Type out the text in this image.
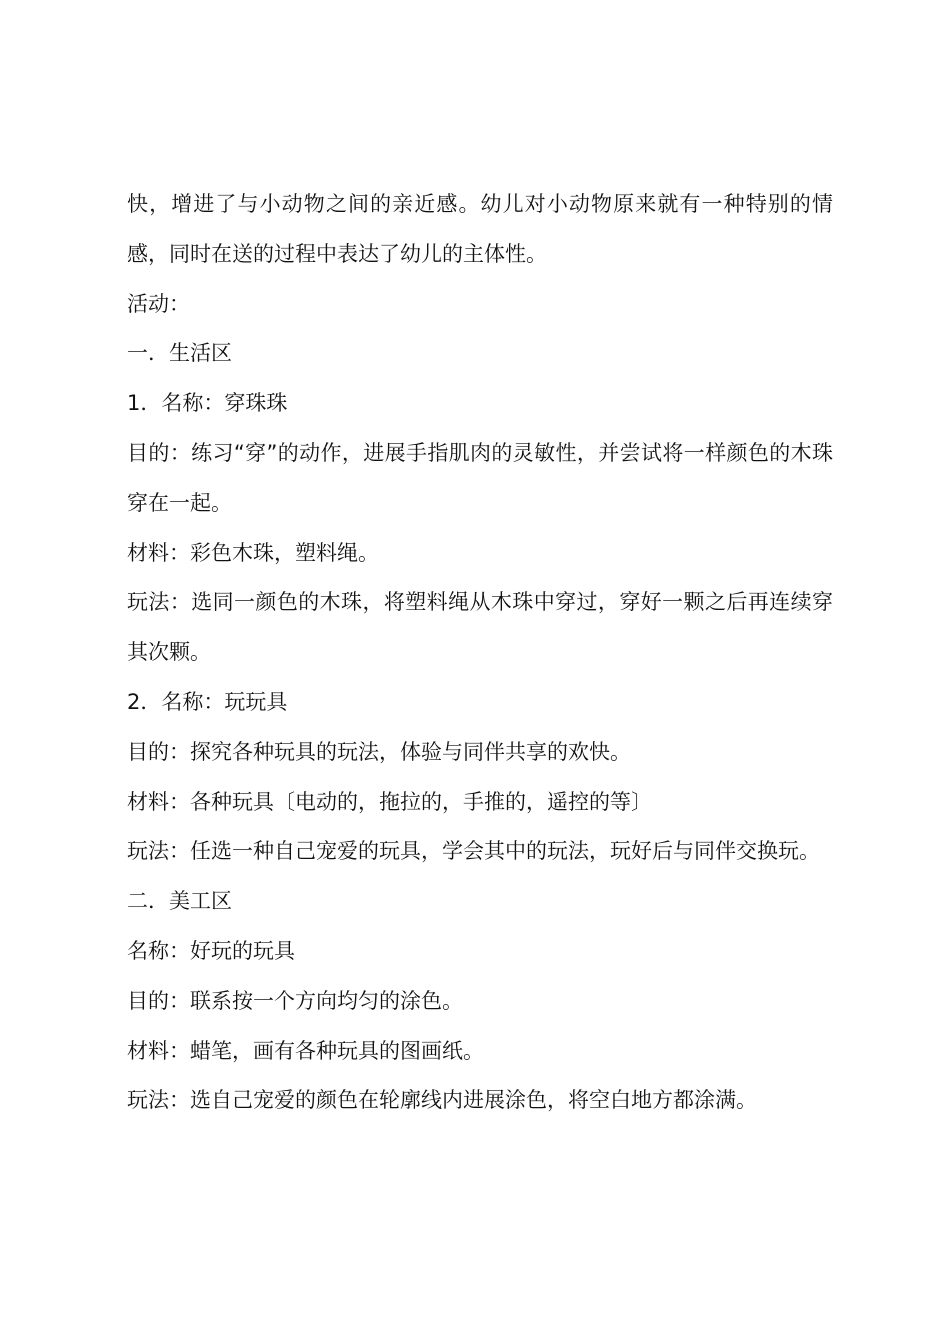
快，增进了与小动物之间的亲近感。幼儿对小动物原来就有一种特别的情感，同时在送的过程中表达了幼儿的主体性。

活动：

一．生活区

1．名称：穿珠珠

目的：练习“穿”的动作，进展手指肌肉的灵敏性，并尝试将一样颜色的木珠穿在一起。

材料：彩色木珠，塑料绳。

玩法：选同一颜色的木珠，将塑料绳从木珠中穿过，穿好一颗之后再连续穿其次颗。

2．名称：玩玩具

目的：探究各种玩具的玩法，体验与同伴共享的欢快。

材料：各种玩具〔电动的，拖拉的，手推的，遥控的等〕

玩法：任选一种自己宠爱的玩具，学会其中的玩法，玩好后与同伴交换玩。

二．美工区

名称：好玩的玩具

目的：联系按一个方向均匀的涂色。

材料：蜡笔，画有各种玩具的图画纸。

玩法：选自己宠爱的颜色在轮廓线内进展涂色，将空白地方都涂满。
